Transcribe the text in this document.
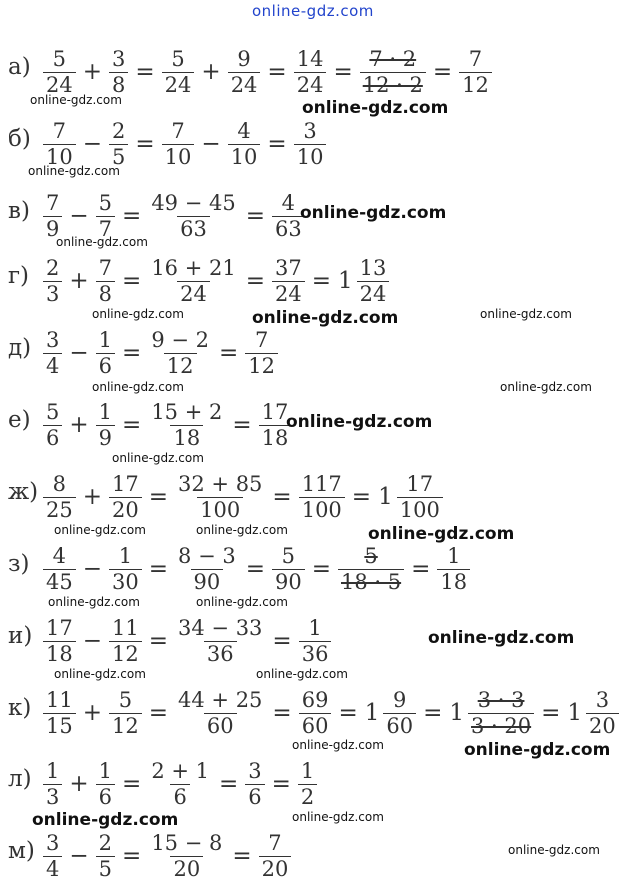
online-gdz.com
$а) \frac{5}{24} + \frac{3}{8} = \frac{5}{24} + \frac{9}{24} = \frac{14}{24} = \frac{7 \cdot 2}{12 \cdot 2} = \frac{7}{12}$
$б) \frac{7}{10} - \frac{2}{5} = \frac{7}{10} - \frac{4}{10} = \frac{3}{10}$
$в) \frac{7}{9} - \frac{5}{7} = \frac{49 - 45}{63} = \frac{4}{63}$
$г) \frac{2}{3} + \frac{7}{8} = \frac{16 + 21}{24} = \frac{37}{24} = 1 \frac{13}{24}$
$д) \frac{3}{4} - \frac{1}{6} = \frac{9 - 2}{12} = \frac{7}{12}$
$е) \frac{5}{6} + \frac{1}{9} = \frac{15 + 2}{18} = \frac{17}{18}$
$ж) \frac{8}{25} + \frac{17}{20} = \frac{32 + 85}{100} = \frac{117}{100} = 1 \frac{17}{100}$
$з) \frac{4}{45} - \frac{1}{30} = \frac{8 - 3}{90} = \frac{5}{90} = \frac{5}{18 \cdot 5} = \frac{1}{18}$
$и) \frac{17}{18} - \frac{11}{12} = \frac{34 - 33}{36} = \frac{1}{36}$
$к) \frac{11}{15} + \frac{5}{12} = \frac{44 + 25}{60} = \frac{69}{60} = 1 \frac{9}{60} = 1 \frac{3 \cdot 3}{3 \cdot 20} = 1 \frac{3}{20}$
$л) \frac{1}{3} + \frac{1}{6} = \frac{2 + 1}{6} = \frac{3}{6} = \frac{1}{2}$
$м) \frac{3}{4} - \frac{2}{5} = \frac{15 - 8}{20} = \frac{7}{20}$
online-gdz.com	online-gdz.com
online-gdz.com
online-gdz.com
online-gdz.com
online-gdz.com	online-gdz.com	online-gdz.com
online-gdz.com	online-gdz.com
online-gdz.com
online-gdz.com
online-gdz.com	online-gdz.com	online-gdz.com
online-gdz.com	online-gdz.com
online-gdz.com
online-gdz.com	online-gdz.com
online-gdz.com	online-gdz.com
online-gdz.com
online-gdz.com
online-gdz.com
